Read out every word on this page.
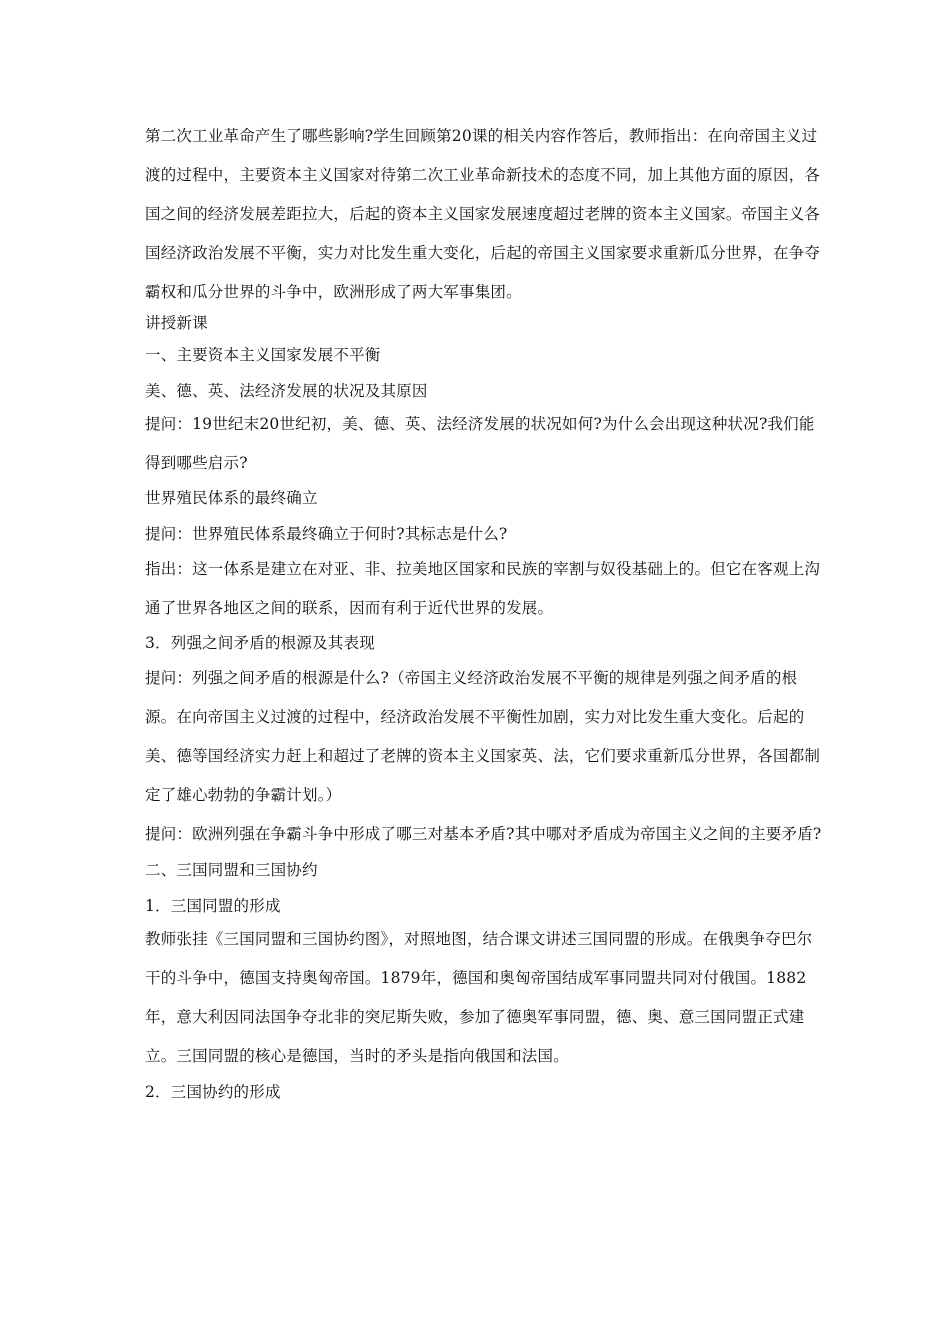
第二次工业革命产生了哪些影响?学生回顾第20课的相关内容作答后，教师指出：在向帝国主义过渡的过程中，主要资本主义国家对待第二次工业革命新技术的态度不同，加上其他方面的原因，各国之间的经济发展差距拉大，后起的资本主义国家发展速度超过老牌的资本主义国家。帝国主义各国经济政治发展不平衡，实力对比发生重大变化，后起的帝国主义国家要求重新瓜分世界，在争夺霸权和瓜分世界的斗争中，欧洲形成了两大军事集团。

讲授新课

一、主要资本主义国家发展不平衡

美、德、英、法经济发展的状况及其原因

提问：19世纪末20世纪初，美、德、英、法经济发展的状况如何?为什么会出现这种状况?我们能得到哪些启示?

世界殖民体系的最终确立

提问：世界殖民体系最终确立于何时?其标志是什么?

指出：这一体系是建立在对亚、非、拉美地区国家和民族的宰割与奴役基础上的。但它在客观上沟通了世界各地区之间的联系，因而有利于近代世界的发展。

3．列强之间矛盾的根源及其表现

提问：列强之间矛盾的根源是什么?（帝国主义经济政治发展不平衡的规律是列强之间矛盾的根源。在向帝国主义过渡的过程中，经济政治发展不平衡性加剧，实力对比发生重大变化。后起的美、德等国经济实力赶上和超过了老牌的资本主义国家英、法，它们要求重新瓜分世界，各国都制定了雄心勃勃的争霸计划。）

提问：欧洲列强在争霸斗争中形成了哪三对基本矛盾?其中哪对矛盾成为帝国主义之间的主要矛盾?

二、三国同盟和三国协约

1．三国同盟的形成

教师张挂《三国同盟和三国协约图》，对照地图，结合课文讲述三国同盟的形成。在俄奥争夺巴尔干的斗争中，德国支持奥匈帝国。1879年，德国和奥匈帝国结成军事同盟共同对付俄国。1882年，意大利因同法国争夺北非的突尼斯失败，参加了德奥军事同盟，德、奥、意三国同盟正式建立。三国同盟的核心是德国，当时的矛头是指向俄国和法国。

2．三国协约的形成
